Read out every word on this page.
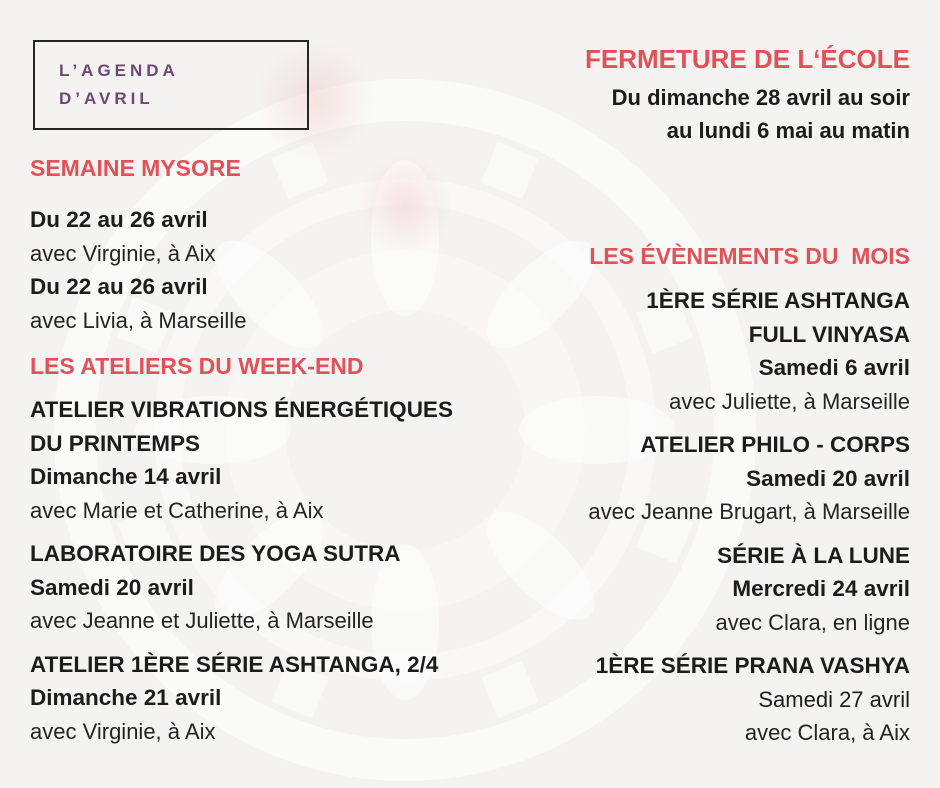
L’AGENDA
D’AVRIL
FERMETURE DE L‘ÉCOLE
Du dimanche 28 avril au soir
au lundi 6 mai au matin
SEMAINE MYSORE
Du 22 au 26 avril
avec Virginie, à Aix
Du 22 au 26 avril
avec Livia, à Marseille
LES ATELIERS DU WEEK-END
ATELIER VIBRATIONS ÉNERGÉTIQUES
DU PRINTEMPS
Dimanche 14 avril
avec Marie et Catherine, à Aix
LABORATOIRE DES YOGA SUTRA
Samedi 20 avril
avec Jeanne et Juliette, à Marseille
ATELIER 1ÈRE SÉRIE ASHTANGA, 2/4
Dimanche 21 avril
avec Virginie, à Aix
LES ÉVÈNEMENTS DU  MOIS
1ÈRE SÉRIE ASHTANGA
FULL VINYASA
Samedi 6 avril
avec Juliette, à Marseille
ATELIER PHILO - CORPS
Samedi 20 avril
avec Jeanne Brugart, à Marseille
SÉRIE À LA LUNE
Mercredi 24 avril
avec Clara, en ligne
1ÈRE SÉRIE PRANA VASHYA
Samedi 27 avril
avec Clara, à Aix
